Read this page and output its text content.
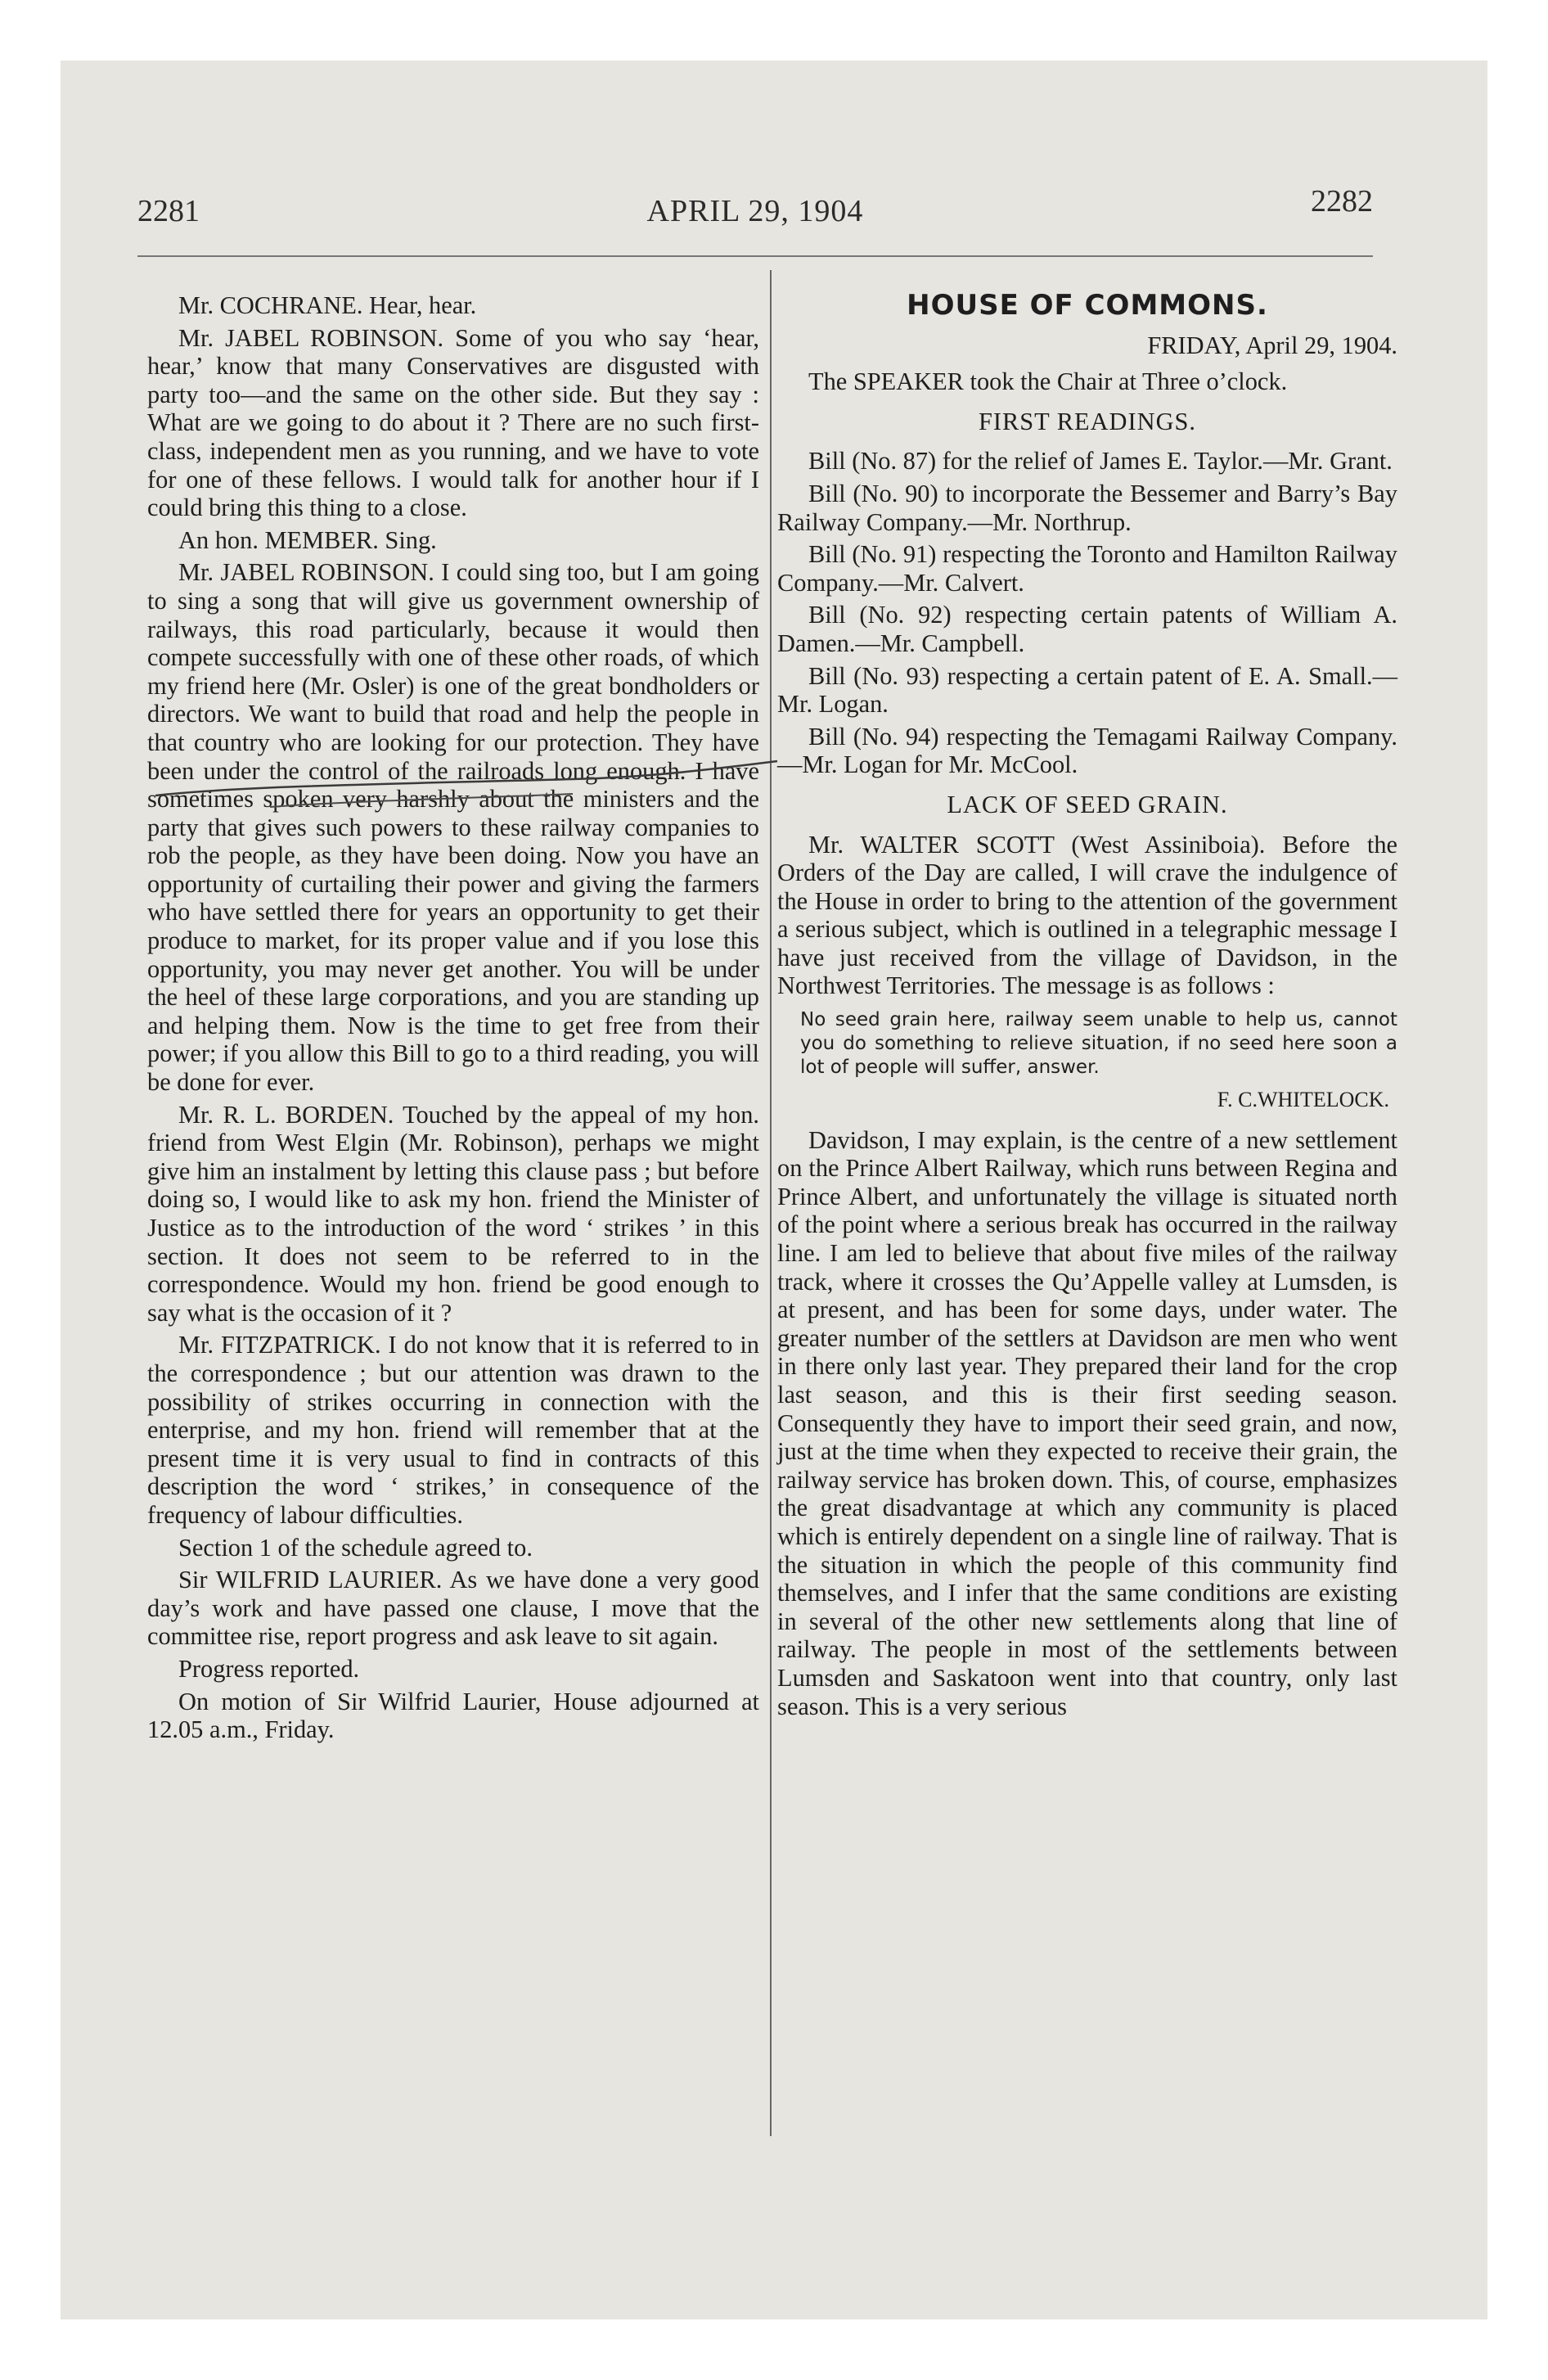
2281	APRIL 29, 1904	2282

Mr. COCHRANE. Hear, hear.

Mr. JABEL ROBINSON. Some of you who say ‘hear, hear,’ know that many Conservatives are disgusted with party too—and the same on the other side. But they say : What are we going to do about it ? There are no such first-class, independent men as you running, and we have to vote for one of these fellows. I would talk for another hour if I could bring this thing to a close.

An hon. MEMBER. Sing.

Mr. JABEL ROBINSON. I could sing too, but I am going to sing a song that will give us government ownership of railways, this road particularly, because it would then compete successfully with one of these other roads, of which my friend here (Mr. Osler) is one of the great bondholders or directors. We want to build that road and help the people in that country who are looking for our protection. They have been under the control of the railroads long enough. I have sometimes spoken very harshly about the ministers and the party that gives such powers to these railway companies to rob the people, as they have been doing. Now you have an opportunity of curtailing their power and giving the farmers who have settled there for years an opportunity to get their produce to market, for its proper value and if you lose this opportunity, you may never get another. You will be under the heel of these large corporations, and you are standing up and helping them. Now is the time to get free from their power; if you allow this Bill to go to a third reading, you will be done for ever.

Mr. R. L. BORDEN. Touched by the appeal of my hon. friend from West Elgin (Mr. Robinson), perhaps we might give him an instalment by letting this clause pass ; but before doing so, I would like to ask my hon. friend the Minister of Justice as to the introduction of the word ‘ strikes ’ in this section. It does not seem to be referred to in the correspondence. Would my hon. friend be good enough to say what is the occasion of it ?

Mr. FITZPATRICK. I do not know that it is referred to in the correspondence ; but our attention was drawn to the possibility of strikes occurring in connection with the enterprise, and my hon. friend will remember that at the present time it is very usual to find in contracts of this description the word ‘ strikes,’ in consequence of the frequency of labour difficulties.

Section 1 of the schedule agreed to.

Sir WILFRID LAURIER. As we have done a very good day’s work and have passed one clause, I move that the committee rise, report progress and ask leave to sit again.

Progress reported.

On motion of Sir Wilfrid Laurier, House adjourned at 12.05 a.m., Friday.

HOUSE OF COMMONS.
FRIDAY, April 29, 1904.

The SPEAKER took the Chair at Three o’clock.

FIRST READINGS.

Bill (No. 87) for the relief of James E. Taylor.—Mr. Grant.

Bill (No. 90) to incorporate the Bessemer and Barry’s Bay Railway Company.—Mr. Northrup.

Bill (No. 91) respecting the Toronto and Hamilton Railway Company.—Mr. Calvert.

Bill (No. 92) respecting certain patents of William A. Damen.—Mr. Campbell.

Bill (No. 93) respecting a certain patent of E. A. Small.—Mr. Logan.

Bill (No. 94) respecting the Temagami Railway Company.—Mr. Logan for Mr. McCool.

LACK OF SEED GRAIN.

Mr. WALTER SCOTT (West Assiniboia). Before the Orders of the Day are called, I will crave the indulgence of the House in order to bring to the attention of the government a serious subject, which is outlined in a telegraphic message I have just received from the village of Davidson, in the Northwest Territories. The message is as follows :

No seed grain here, railway seem unable to help us, cannot you do something to relieve situation, if no seed here soon a lot of people will suffer, answer.

F. C.WHITELOCK.

Davidson, I may explain, is the centre of a new settlement on the Prince Albert Railway, which runs between Regina and Prince Albert, and unfortunately the village is situated north of the point where a serious break has occurred in the railway line. I am led to believe that about five miles of the railway track, where it crosses the Qu’Appelle valley at Lumsden, is at present, and has been for some days, under water. The greater number of the settlers at Davidson are men who went in there only last year. They prepared their land for the crop last season, and this is their first seeding season. Consequently they have to import their seed grain, and now, just at the time when they expected to receive their grain, the railway service has broken down. This, of course, emphasizes the great disadvantage at which any community is placed which is entirely dependent on a single line of railway. That is the situation in which the people of this community find themselves, and I infer that the same conditions are existing in several of the other new settlements along that line of railway. The people in most of the settlements between Lumsden and Saskatoon went into that country, only last season. This is a very serious
